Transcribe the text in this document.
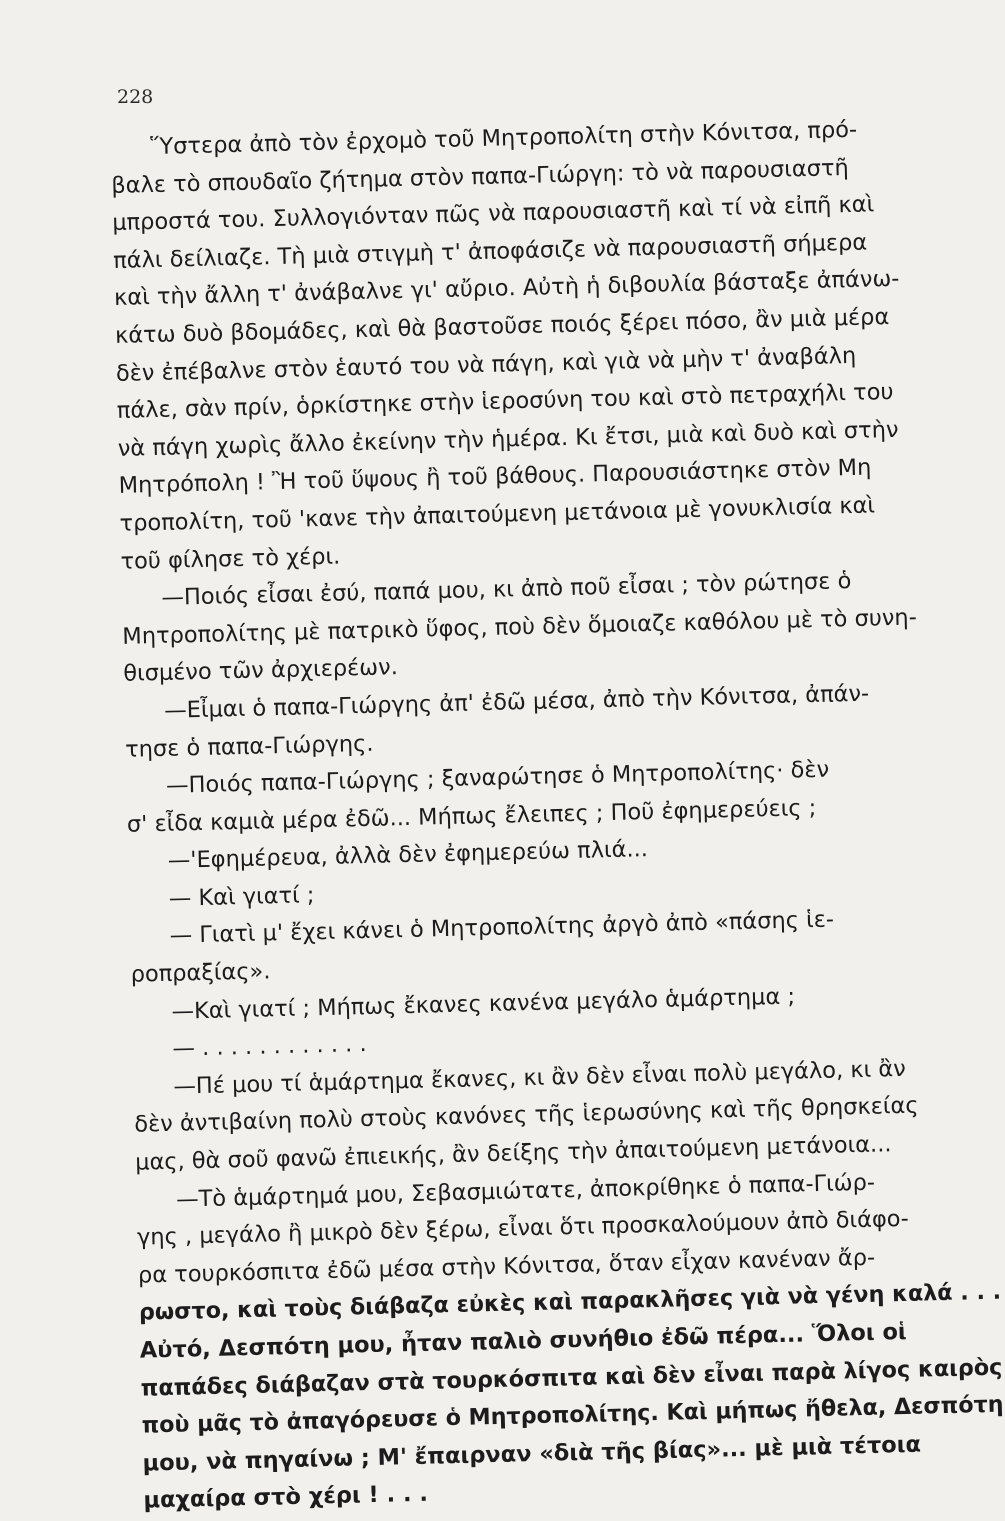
228
Ὕστερα ἀπὸ τὸν ἐρχομὸ τοῦ Μητροπολίτη στὴν Κόνιτσα, πρό-
βαλε τὸ σπουδαῖο ζήτημα στὸν παπα-Γιώργη: τὸ νὰ παρουσιαστῆ
μπροστά του. Συλλογιόνταν πῶς νὰ παρουσιαστῆ καὶ τί νὰ εἰπῆ καὶ
πάλι δείλιαζε. Τὴ μιὰ στιγμὴ τ' ἀποφάσιζε νὰ παρουσιαστῆ σήμερα
καὶ τὴν ἄλλη τ' ἀνάβαλνε γι' αὔριο. Αὐτὴ ἡ διβουλία βάσταξε ἀπάνω-
κάτω δυὸ βδομάδες, καὶ θὰ βαστοῦσε ποιός ξέρει πόσο, ἂν μιὰ μέρα
δὲν ἐπέβαλνε στὸν ἑαυτό του νὰ πάγη, καὶ γιὰ νὰ μὴν τ' ἀναβάλη
πάλε, σὰν πρίν, ὁρκίστηκε στὴν ἱεροσύνη του καὶ στὸ πετραχήλι του
νὰ πάγη χωρὶς ἄλλο ἐκείνην τὴν ἡμέρα. Κι ἔτσι, μιὰ καὶ δυὸ καὶ στὴν
Μητρόπολη ! Ἢ τοῦ ὕψους ἢ τοῦ βάθους. Παρουσιάστηκε στὸν Μη
τροπολίτη, τοῦ 'κανε τὴν ἀπαιτούμενη μετάνοια μὲ γονυκλισία καὶ
τοῦ φίλησε τὸ χέρι.
—Ποιός εἶσαι ἐσύ, παπά μου, κι ἀπὸ ποῦ εἶσαι ; τὸν ρώτησε ὁ
Μητροπολίτης μὲ πατρικὸ ὕφος, ποὺ δὲν ὅμοιαζε καθόλου μὲ τὸ συνη-
θισμένο τῶν ἀρχιερέων.
—Εἶμαι ὁ παπα-Γιώργης ἀπ' ἐδῶ μέσα, ἀπὸ τὴν Κόνιτσα, ἀπάν-
τησε ὁ παπα-Γιώργης.
—Ποιός παπα-Γιώργης ; ξαναρώτησε ὁ Μητροπολίτης· δὲν
σ' εἶδα καμιὰ μέρα ἐδῶ... Μήπως ἔλειπες ; Ποῦ ἐφημερεύεις ;
—'Εφημέρευα, ἀλλὰ δὲν ἐφημερεύω πλιά...
— Καὶ γιατί ;
— Γιατὶ μ' ἔχει κάνει ὁ Μητροπολίτης ἀργὸ ἀπὸ «πάσης ἱε-
ροπραξίας».
—Καὶ γιατί ; Μήπως ἔκανες κανένα μεγάλο ἁμάρτημα ;
— . . . . . . . . . . . .
—Πέ μου τί ἁμάρτημα ἔκανες, κι ἂν δὲν εἶναι πολὺ μεγάλο, κι ἂν
δὲν ἀντιβαίνη πολὺ στοὺς κανόνες τῆς ἱερωσύνης καὶ τῆς θρησκείας
μας, θὰ σοῦ φανῶ ἐπιεικής, ἂν δείξης τὴν ἀπαιτούμενη μετάνοια...
—Τὸ ἁμάρτημά μου, Σεβασμιώτατε, ἀποκρίθηκε ὁ παπα-Γιώρ-
γης , μεγάλο ἢ μικρὸ δὲν ξέρω, εἶναι ὅτι προσκαλούμουν ἀπὸ διάφο-
ρα τουρκόσπιτα ἐδῶ μέσα στὴν Κόνιτσα, ὅταν εἶχαν κανέναν ἄρ-
ρωστο, καὶ τοὺς διάβαζα εὐκὲς καὶ παρακλῆσες γιὰ νὰ γένη καλά . . .
Αὐτό, Δεσπότη μου, ἦταν παλιὸ συνήθιο ἐδῶ πέρα... Ὅλοι οἱ
παπάδες διάβαζαν στὰ τουρκόσπιτα καὶ δὲν εἶναι παρὰ λίγος καιρὸς
ποὺ μᾶς τὸ ἀπαγόρευσε ὁ Μητροπολίτης. Καὶ μήπως ἤθελα, Δεσπότη
μου, νὰ πηγαίνω ; Μ' ἔπαιρναν «διὰ τῆς βίας»... μὲ μιὰ τέτοια
μαχαίρα στὸ χέρι ! . . .
